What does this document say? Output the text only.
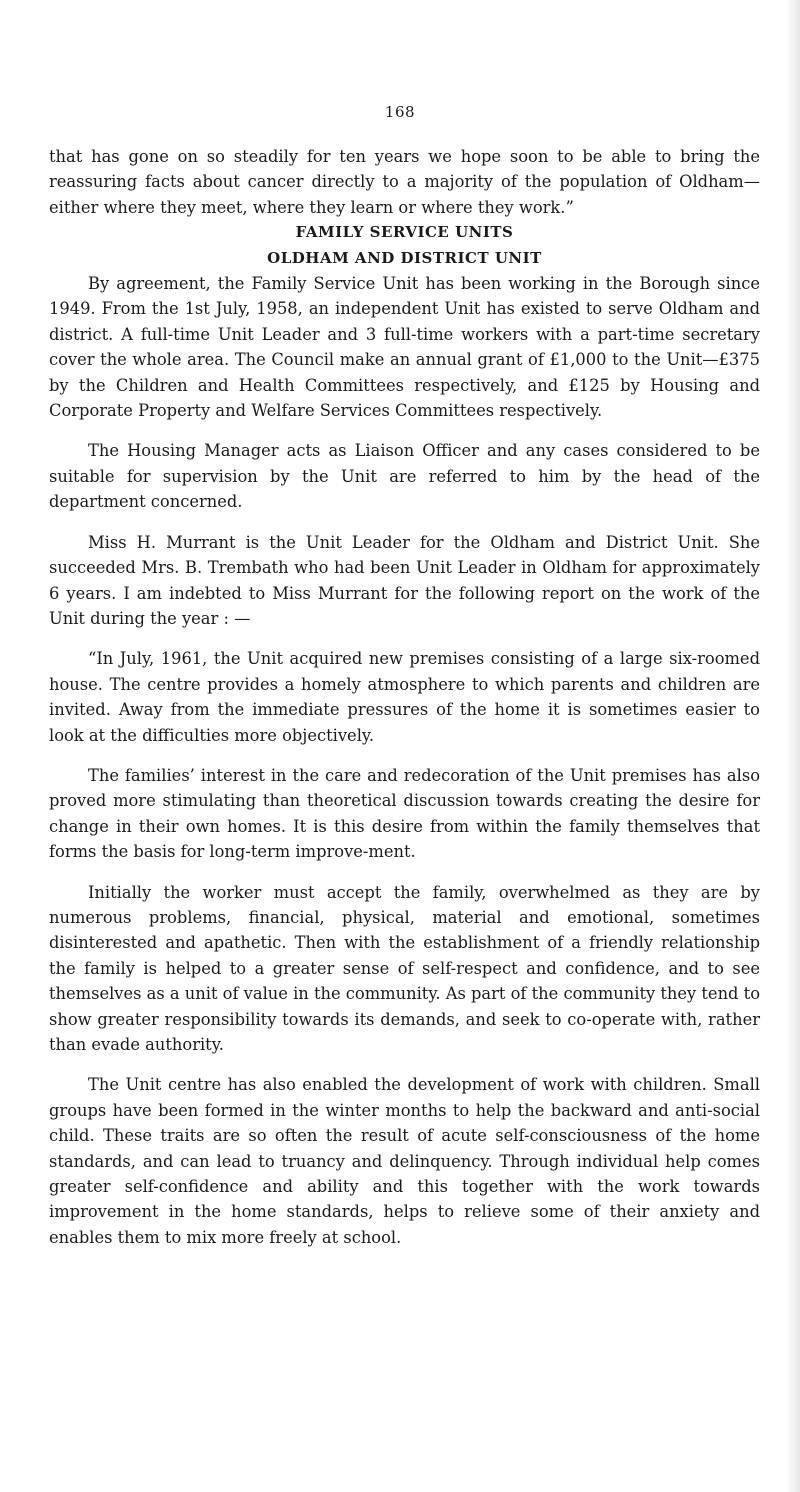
168

that has gone on so steadily for ten years we hope soon to be able to bring the reassuring facts about cancer directly to a majority of the population of Oldham—either where they meet, where they learn or where they work.”

FAMILY SERVICE UNITS

OLDHAM AND DISTRICT UNIT

By agreement, the Family Service Unit has been working in the Borough since 1949. From the 1st July, 1958, an independent Unit has existed to serve Oldham and district. A full-time Unit Leader and 3 full-time workers with a part-time secretary cover the whole area. The Council make an annual grant of £1,000 to the Unit—£375 by the Children and Health Committees respectively, and £125 by Housing and Corporate Property and Welfare Services Committees respectively.

The Housing Manager acts as Liaison Officer and any cases considered to be suitable for supervision by the Unit are referred to him by the head of the department concerned.

Miss H. Murrant is the Unit Leader for the Oldham and District Unit. She succeeded Mrs. B. Trembath who had been Unit Leader in Oldham for approximately 6 years. I am indebted to Miss Murrant for the following report on the work of the Unit during the year : —

“In July, 1961, the Unit acquired new premises consisting of a large six-roomed house. The centre provides a homely atmosphere to which parents and children are invited. Away from the immediate pressures of the home it is sometimes easier to look at the difficulties more objectively.

The families’ interest in the care and redecoration of the Unit premises has also proved more stimulating than theoretical discussion towards creating the desire for change in their own homes. It is this desire from within the family themselves that forms the basis for long-term improve-ment.

Initially the worker must accept the family, overwhelmed as they are by numerous problems, financial, physical, material and emotional, sometimes disinterested and apathetic. Then with the establishment of a friendly relationship the family is helped to a greater sense of self-respect and confidence, and to see themselves as a unit of value in the community. As part of the community they tend to show greater responsibility towards its demands, and seek to co-operate with, rather than evade authority.

The Unit centre has also enabled the development of work with children. Small groups have been formed in the winter months to help the backward and anti-social child. These traits are so often the result of acute self-consciousness of the home standards, and can lead to truancy and delinquency. Through individual help comes greater self-confidence and ability and this together with the work towards improvement in the home standards, helps to relieve some of their anxiety and enables them to mix more freely at school.
